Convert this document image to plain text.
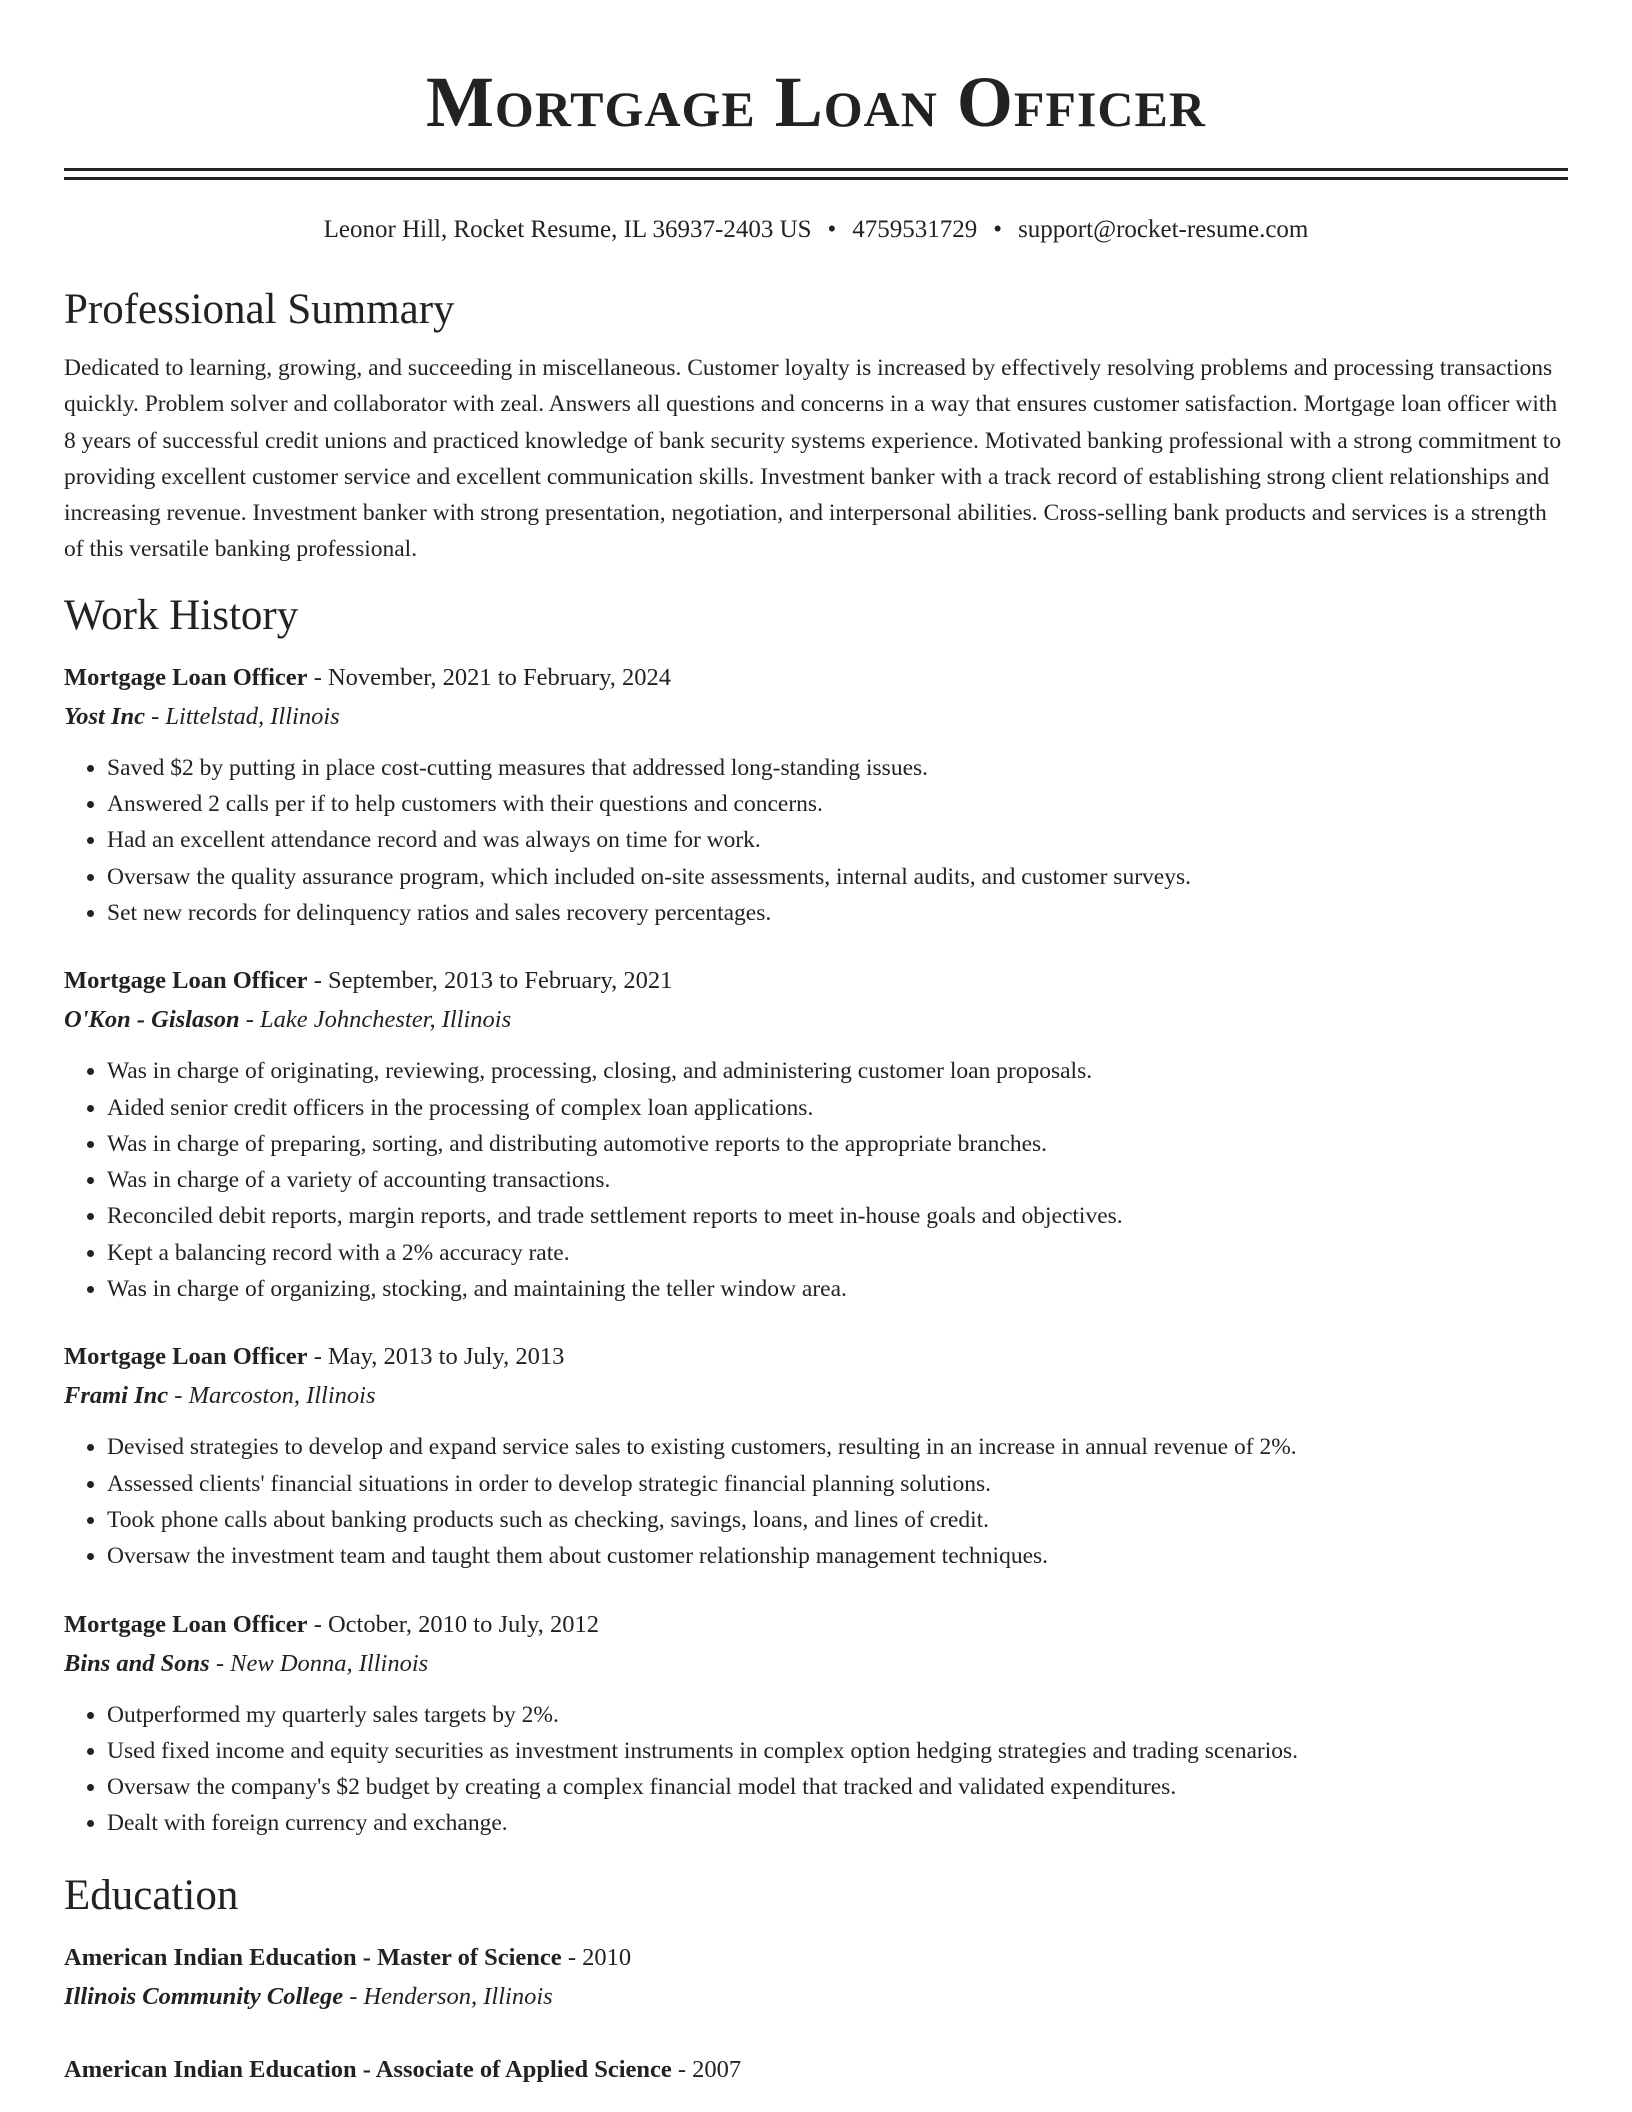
Mortgage Loan Officer
Leonor Hill, Rocket Resume, IL 36937-2403 US • 4759531729 • support@rocket-resume.com
Professional Summary
Dedicated to learning, growing, and succeeding in miscellaneous. Customer loyalty is increased by effectively resolving problems and processing transactions quickly. Problem solver and collaborator with zeal. Answers all questions and concerns in a way that ensures customer satisfaction. Mortgage loan officer with 8 years of successful credit unions and practiced knowledge of bank security systems experience. Motivated banking professional with a strong commitment to providing excellent customer service and excellent communication skills. Investment banker with a track record of establishing strong client relationships and increasing revenue. Investment banker with strong presentation, negotiation, and interpersonal abilities. Cross-selling bank products and services is a strength of this versatile banking professional.
Work History
Mortgage Loan Officer - November, 2021 to February, 2024
Yost Inc - Littelstad, Illinois
• Saved $2 by putting in place cost-cutting measures that addressed long-standing issues.
• Answered 2 calls per if to help customers with their questions and concerns.
• Had an excellent attendance record and was always on time for work.
• Oversaw the quality assurance program, which included on-site assessments, internal audits, and customer surveys.
• Set new records for delinquency ratios and sales recovery percentages.
Mortgage Loan Officer - September, 2013 to February, 2021
O'Kon - Gislason - Lake Johnchester, Illinois
• Was in charge of originating, reviewing, processing, closing, and administering customer loan proposals.
• Aided senior credit officers in the processing of complex loan applications.
• Was in charge of preparing, sorting, and distributing automotive reports to the appropriate branches.
• Was in charge of a variety of accounting transactions.
• Reconciled debit reports, margin reports, and trade settlement reports to meet in-house goals and objectives.
• Kept a balancing record with a 2% accuracy rate.
• Was in charge of organizing, stocking, and maintaining the teller window area.
Mortgage Loan Officer - May, 2013 to July, 2013
Frami Inc - Marcoston, Illinois
• Devised strategies to develop and expand service sales to existing customers, resulting in an increase in annual revenue of 2%.
• Assessed clients' financial situations in order to develop strategic financial planning solutions.
• Took phone calls about banking products such as checking, savings, loans, and lines of credit.
• Oversaw the investment team and taught them about customer relationship management techniques.
Mortgage Loan Officer - October, 2010 to July, 2012
Bins and Sons - New Donna, Illinois
• Outperformed my quarterly sales targets by 2%.
• Used fixed income and equity securities as investment instruments in complex option hedging strategies and trading scenarios.
• Oversaw the company's $2 budget by creating a complex financial model that tracked and validated expenditures.
• Dealt with foreign currency and exchange.
Education
American Indian Education - Master of Science - 2010
Illinois Community College - Henderson, Illinois
American Indian Education - Associate of Applied Science - 2007
